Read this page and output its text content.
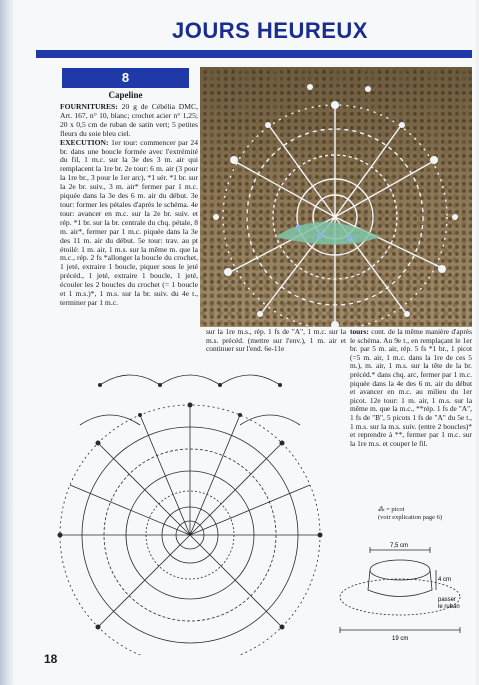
JOURS HEUREUX
8
Capeline
FOURNITURES: 20 g de Cébélia DMC, Art. 167, n° 10, blanc; crochet acier n° 1,25; 20 x 0,5 cm de ruban de satin vert; 5 petites fleurs du soie bleu ciel.
EXECUTION: 1er tour: commencer par 24 br. dans une boucle formée avec l'extrémité du fil, 1 m.c. sur la 3e des 3 m. air qui remplacent la 1re br. 2e tour: 6 m. air (3 pour la 1re br., 3 pour le 1er arc), *1 sér. *1 br. sur la 2e br. suiv., 3 m. air* fermer par 1 m.c. piquée dans la 3e des 6 m. air du début. 3e tour: former les pétales d'après le schéma. 4e tour: avancer en m.c. sur la 2e br. suiv. et rép. *1 br. sur la br. centrale du chq. pétale, 8 m. air*, fermer par 1 m.c. piquée dans la 3e des 11 m. air du début. 5e tour: trav. au pt étoilé: 1 m. air, 1 m.s. sur la même m. que la m.c., rép. 2 fs *allonger la boucle du crochet, 1 jeté, extraire 1 boucle, piquer sous le jeté précéd., 1 jeté, extraire 1 boucle, 1 jeté, écouler les 2 boucles du crochet (= 1 boucle et 1 m.s.)*, 1 m.s. sur la br. suiv. du 4e t., terminer par 1 m.c.
sur la 1re m.s., rép. 1 fs de "A", 1 m.c. sur la m.s. précéd. (mettre sur l'env.), 1 m. air et continuer sur l'end. 6e-11e
tours: cont. de la même manière d'après le schéma. Au 9e t., en remplaçant le 1er br. par 5 m. air, rép. 5 fs *1 br., 1 picot (=5 m. air, 1 m.c. dans la 1re de ces 5 m.), m. air, 1 m.s. sur la tête de la br. précéd.* dans chq. arc, fermer par 1 m.c. piquée dans la 4e des 6 m. air du début et avancer en m.c. au milieu du 1er picot. 12e tour: 1 m. air, 1 m.s. sur la même m. que la m.c., **rép. 1 fs de "A", 1 fs de "B", 5 picots 1 fs de "A" du 5e t., 1 m.s. sur la m.s. suiv. (entre 2 boucles)* et reprendre à **, fermer par 1 m.c. sur la 1re m.s. et couper le fil.
⁂ = picot
(voir explication page 6)
7,5 cm
4 cm
passer
le ruban
19 cm
18
